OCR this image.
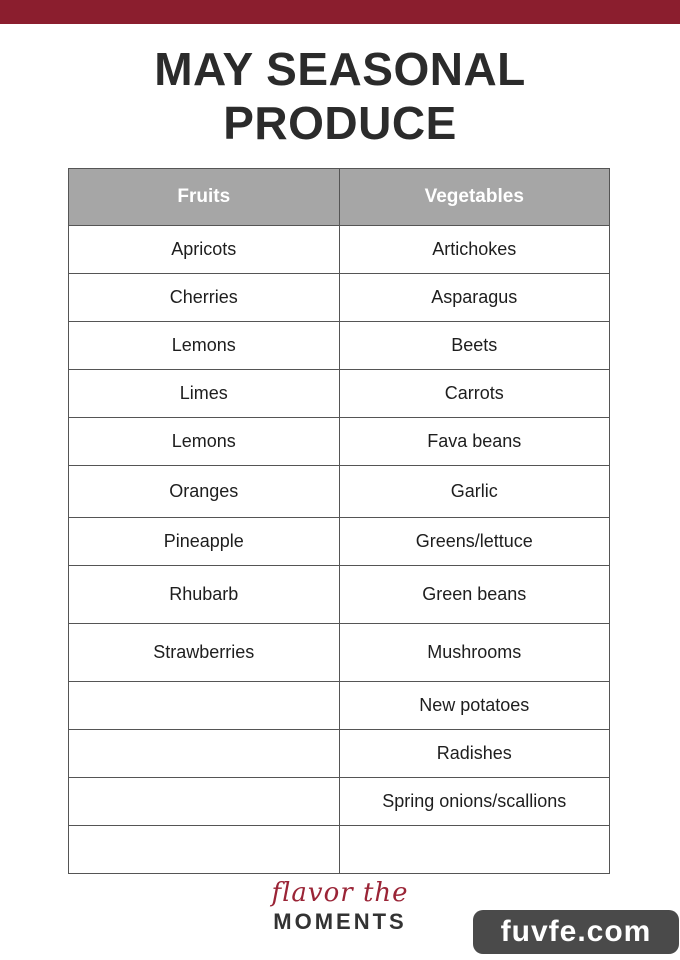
MAY SEASONAL
PRODUCE
Fruits	Vegetables
Apricots	Artichokes
Cherries	Asparagus
Lemons	Beets
Limes	Carrots
Lemons	Fava beans
Oranges	Garlic
Pineapple	Greens/lettuce
Rhubarb	Green beans
Strawberries	Mushrooms
	New potatoes
	Radishes
	Spring onions/scallions

flavor the
MOMENTS	fuvfe.com
